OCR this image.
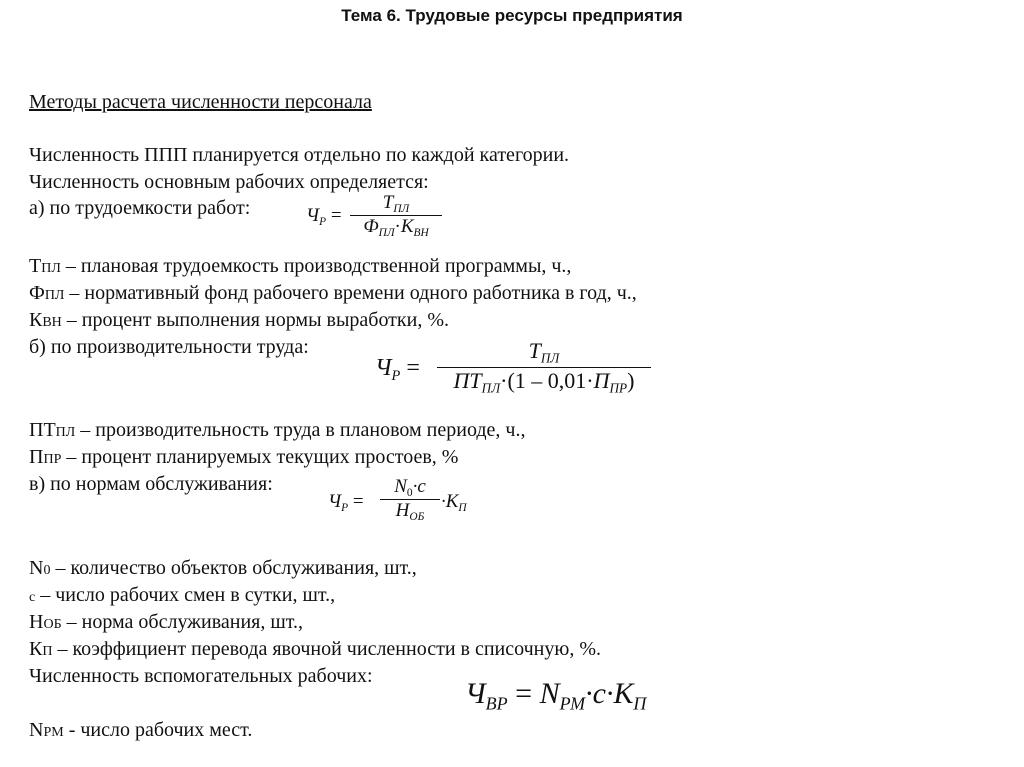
Тема 6. Трудовые ресурсы предприятия
Методы расчета численности персонала
Численность ППП планируется отдельно по каждой категории.
Численность основным рабочих определяется:
а) по трудоемкости работ:	$Ч_Р$ =
$Т_{ПЛ}$
$Ф_{ПЛ}\cdot К_{ВН}$
ТПЛ – плановая трудоемкость производственной программы, ч.,
ФПЛ – нормативный фонд рабочего времени одного работника в год, ч.,
КВН – процент выполнения нормы выработки, %.
б) по производительности труда:
$Ч_Р$ =
$Т_{ПЛ}$
$ПТ_{ПЛ}\cdot(1 - 0,01\cdot П_{ПР})$
ПТПЛ – производительность труда в плановом периоде, ч.,
ППР – процент планируемых текущих простоев, %
в) по нормам обслуживания:
$Ч_Р$ =
$N_0\cdot c$
$Н_{ОБ}$
$\cdot К_П$
N0 – количество объектов обслуживания, шт.,
с – число рабочих смен в сутки, шт.,
НОБ – норма обслуживания, шт.,
КП – коэффициент перевода явочной численности в списочную, %.
Численность вспомогательных рабочих:
$Ч_{ВР} = N_{РМ}\cdot c\cdot К_П$
NРМ - число рабочих мест.
